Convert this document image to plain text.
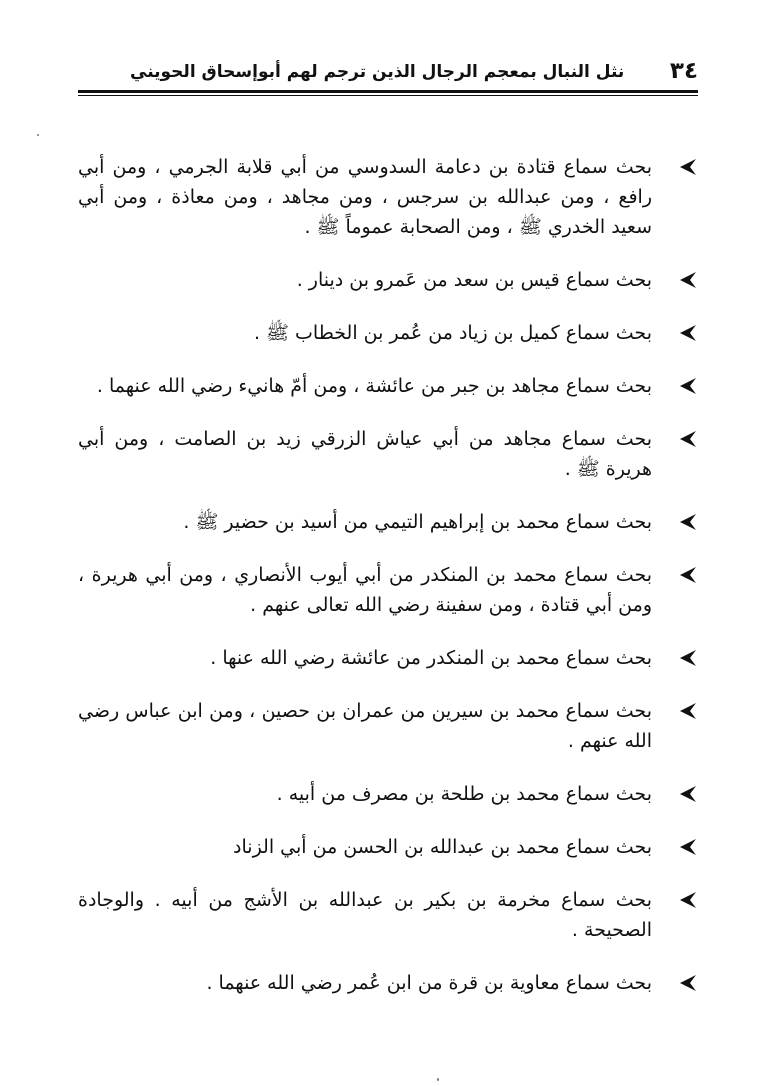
٣٤
نثل النبال بمعجم الرجال الذين ترجم لهم أبوإسحاق الحويني
بحث سماع قتادة بن دعامة السدوسي من أبي قلابة الجرمي ، ومن أبي رافع ، ومن عبدالله بن سرجس ، ومن مجاهد ، ومن معاذة ، ومن أبي سعيد الخدري ﷺ ، ومن الصحابة عموماً ﷺ .
بحث سماع قيس بن سعد من عَمرو بن دينار .
بحث سماع كميل بن زياد من عُمر بن الخطاب ﷺ .
بحث سماع مجاهد بن جبر من عائشة ، ومن أمّ هانيء رضي الله عنهما .
بحث سماع مجاهد من أبي عياش الزرقي زيد بن الصامت ، ومن أبي هريرة ﷺ .
بحث سماع محمد بن إبراهيم التيمي من أسيد بن حضير ﷺ .
بحث سماع محمد بن المنكدر من أبي أيوب الأنصاري ، ومن أبي هريرة ، ومن أبي قتادة ، ومن سفينة رضي الله تعالى عنهم .
بحث سماع محمد بن المنكدر من عائشة رضي الله عنها .
بحث سماع محمد بن سيرين من عمران بن حصين ، ومن ابن عباس رضي الله عنهم .
بحث سماع محمد بن طلحة بن مصرف من أبيه .
بحث سماع محمد بن عبدالله بن الحسن من أبي الزناد
بحث سماع مخرمة بن بكير بن عبدالله بن الأشج من أبيه . والوجادة الصحيحة .
بحث سماع معاوية بن قرة من ابن عُمر رضي الله عنهما .
